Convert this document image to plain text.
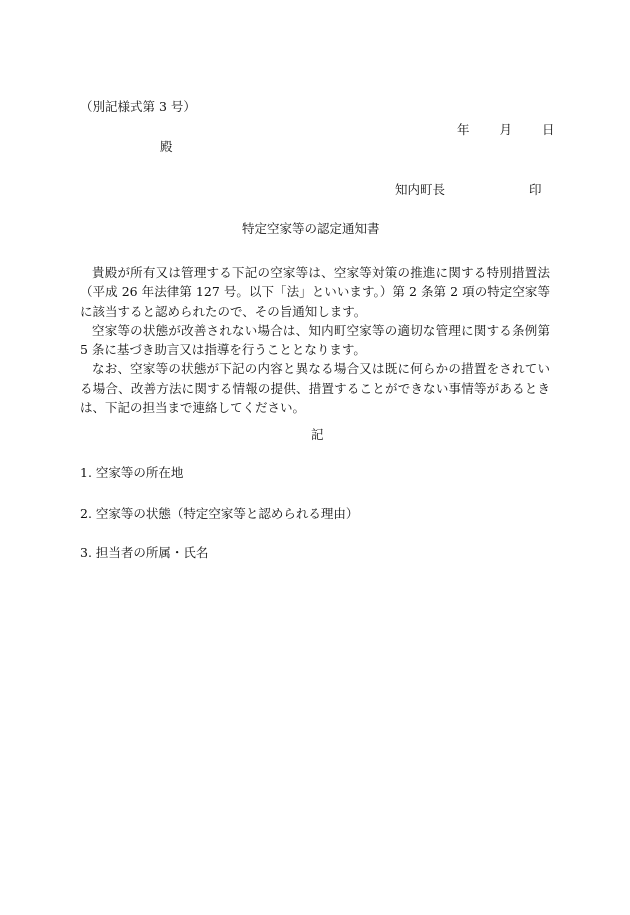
（別記様式第 3 号）
年 月 日
殿
知内町長	印
特定空家等の認定通知書

貴殿が所有又は管理する下記の空家等は、空家等対策の推進に関する特別措置法（平成 26 年法律第 127 号。以下「法」といいます。）第 2 条第 2 項の特定空家等に該当すると認められたので、その旨通知します。

空家等の状態が改善されない場合は、知内町空家等の適切な管理に関する条例第 5 条に基づき助言又は指導を行うこととなります。

なお、空家等の状態が下記の内容と異なる場合又は既に何らかの措置をされている場合、改善方法に関する情報の提供、措置することができない事情等があるときは、下記の担当まで連絡してください。

記
1. 空家等の所在地
2. 空家等の状態（特定空家等と認められる理由）
3. 担当者の所属・氏名
